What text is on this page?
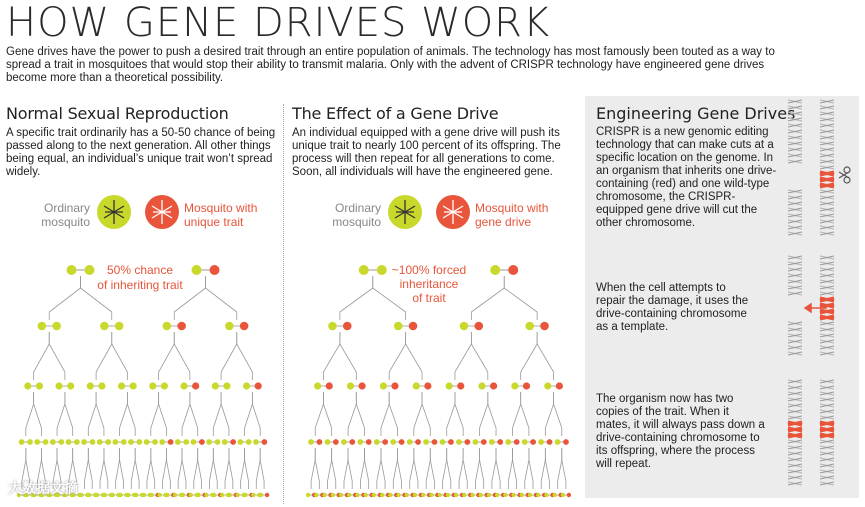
HOW GENE DRIVES WORK
Gene drives have the power to push a desired trait through an entire population of animals. The technology has most famously been touted as a way to spread a trait in mosquitoes that would stop their ability to transmit malaria. Only with the advent of CRISPR technology have engineered gene drives become more than a theoretical possibility.
Normal Sexual Reproduction

A specific trait ordinarily has a 50-50 chance of being passed along to the next generation. All other things being equal, an individual’s unique trait won’t spread widely.

The Effect of a Gene Drive

An individual equipped with a gene drive will push its unique trait to nearly 100 percent of its offspring. The process will then repeat for all generations to come. Soon, all individuals will have the engineered gene.

Ordinary
mosquito
Mosquito with
unique trait
50% chance
of inheriting trait
Ordinary
mosquito
Mosquito with
gene drive
~100% forced
inheritance
of trait
Engineering Gene Drives
CRISPR is a new genomic editing technology that can make cuts at a specific location on the genome. In an organism that inherits one drive-containing (red) and one wild-type chromosome, the CRISPR-equipped gene drive will cut the other chromosome.
When the cell attempts to repair the damage, it uses the drive-containing chromosome as a template.
The organism now has two copies of the trait. When it mates, it will always pass down a drive-containing chromosome to its offspring, where the process will repeat.
大数据文摘
